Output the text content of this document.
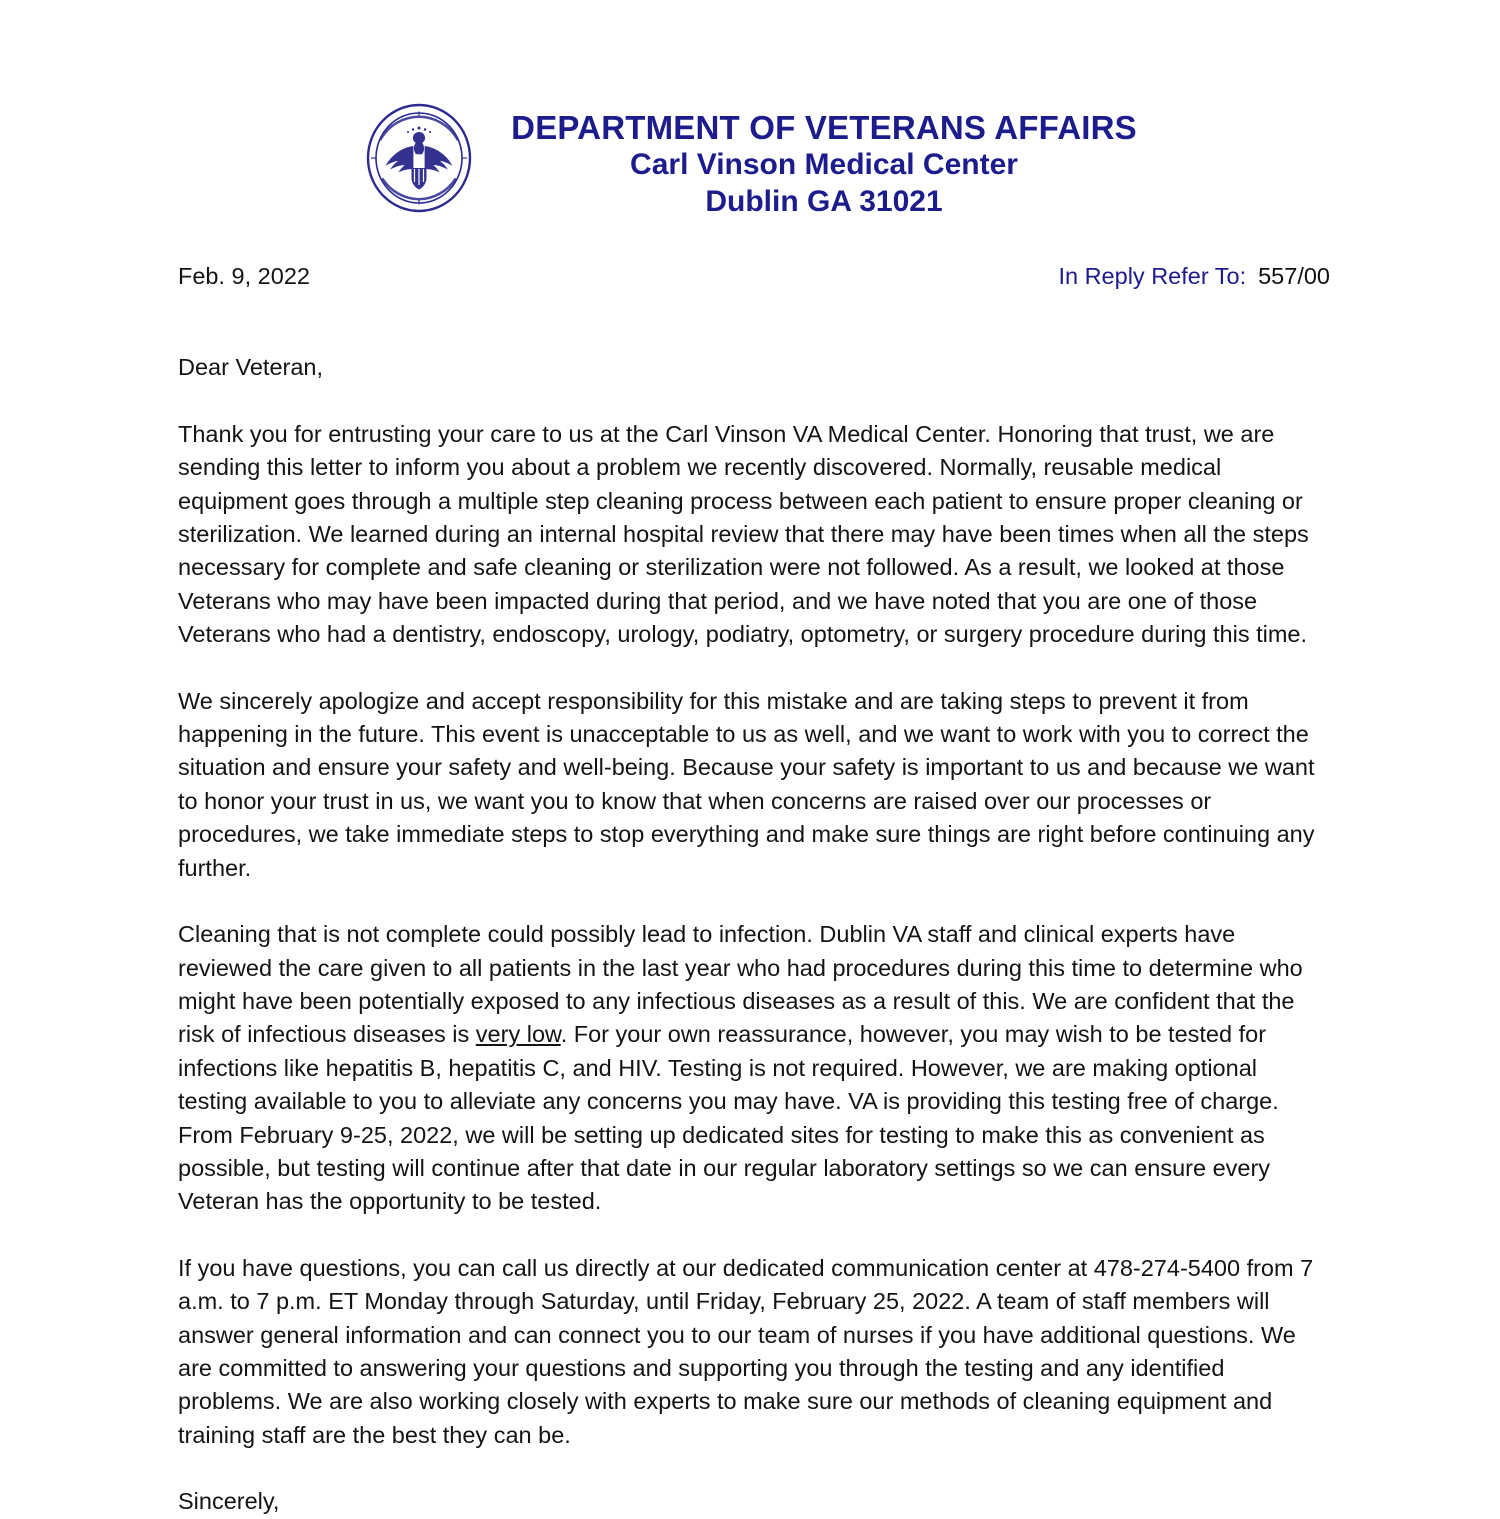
DEPARTMENT OF VETERANS AFFAIRS
Carl Vinson Medical Center
Dublin GA 31021
Feb. 9, 2022	In Reply Refer To: 557/00
Dear Veteran,

Thank you for entrusting your care to us at the Carl Vinson VA Medical Center. Honoring that trust, we are sending this letter to inform you about a problem we recently discovered. Normally, reusable medical equipment goes through a multiple step cleaning process between each patient to ensure proper cleaning or sterilization. We learned during an internal hospital review that there may have been times when all the steps necessary for complete and safe cleaning or sterilization were not followed. As a result, we looked at those Veterans who may have been impacted during that period, and we have noted that you are one of those Veterans who had a dentistry, endoscopy, urology, podiatry, optometry, or surgery procedure during this time.

We sincerely apologize and accept responsibility for this mistake and are taking steps to prevent it from happening in the future. This event is unacceptable to us as well, and we want to work with you to correct the situation and ensure your safety and well-being. Because your safety is important to us and because we want to honor your trust in us, we want you to know that when concerns are raised over our processes or procedures, we take immediate steps to stop everything and make sure things are right before continuing any further.

Cleaning that is not complete could possibly lead to infection. Dublin VA staff and clinical experts have reviewed the care given to all patients in the last year who had procedures during this time to determine who might have been potentially exposed to any infectious diseases as a result of this. We are confident that the risk of infectious diseases is very low. For your own reassurance, however, you may wish to be tested for infections like hepatitis B, hepatitis C, and HIV. Testing is not required. However, we are making optional testing available to you to alleviate any concerns you may have. VA is providing this testing free of charge. From February 9-25, 2022, we will be setting up dedicated sites for testing to make this as convenient as possible, but testing will continue after that date in our regular laboratory settings so we can ensure every Veteran has the opportunity to be tested.

If you have questions, you can call us directly at our dedicated communication center at 478-274-5400 from 7 a.m. to 7 p.m. ET Monday through Saturday, until Friday, February 25, 2022. A team of staff members will answer general information and can connect you to our team of nurses if you have additional questions. We are committed to answering your questions and supporting you through the testing and any identified problems. We are also working closely with experts to make sure our methods of cleaning equipment and training staff are the best they can be.

Sincerely,
